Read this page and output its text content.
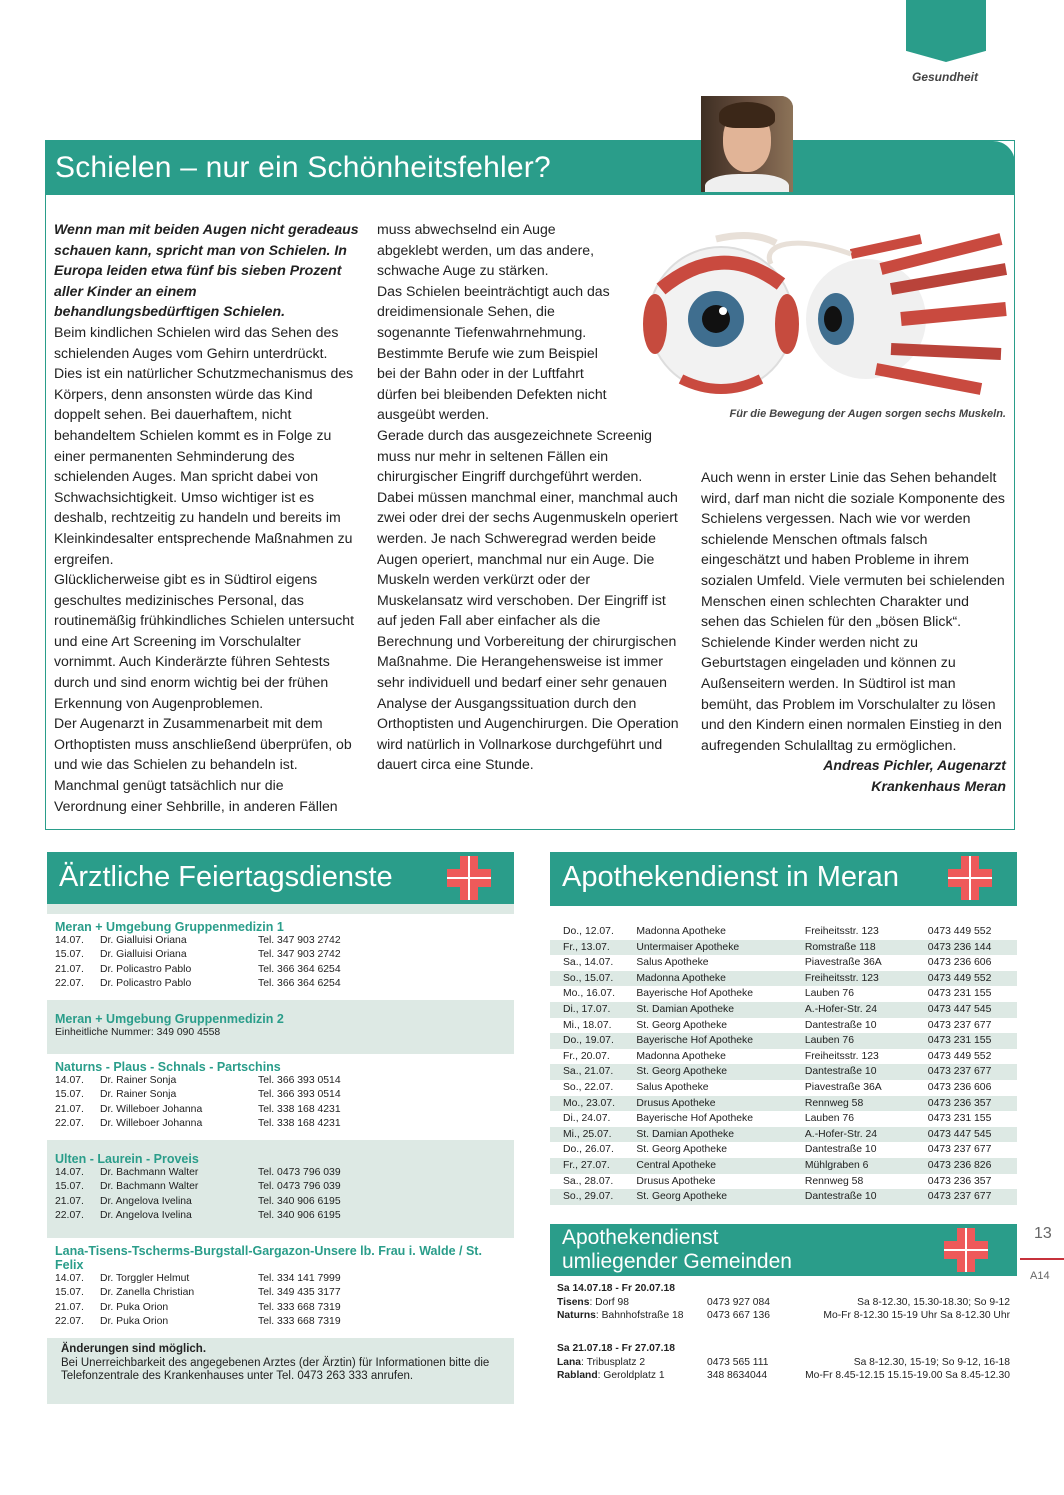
Gesundheit
Schielen – nur ein Schönheitsfehler?

Wenn man mit beiden Augen nicht geradeaus schauen kann, spricht man von Schielen. In Europa leiden etwa fünf bis sieben Prozent aller Kinder an einem behandlungsbedürftigen Schielen.

Beim kindlichen Schielen wird das Sehen des schielenden Auges vom Gehirn unterdrückt. Dies ist ein natürlicher Schutzmechanismus des Körpers, denn ansonsten würde das Kind doppelt sehen. Bei dauerhaftem, nicht behandeltem Schielen kommt es in Folge zu einer permanenten Sehminderung des schielenden Auges. Man spricht dabei von Schwachsichtigkeit. Umso wichtiger ist es deshalb, rechtzeitig zu handeln und bereits im Kleinkindesalter entsprechende Maßnahmen zu ergreifen.

Glücklicherweise gibt es in Südtirol eigens geschultes medizinisches Personal, das routinemäßig frühkindliches Schielen untersucht und eine Art Screening im Vorschulalter vornimmt. Auch Kinderärzte führen Sehtests durch und sind enorm wichtig bei der frühen Erkennung von Augenproblemen.

Der Augenarzt in Zusammenarbeit mit dem Orthoptisten muss anschließend überprüfen, ob und wie das Schielen zu behandeln ist. Manchmal genügt tatsächlich nur die Verordnung einer Sehbrille, in anderen Fällen

muss abwechselnd ein Auge abgeklebt werden, um das andere, schwache Auge zu stärken.

Das Schielen beeinträchtigt auch das dreidimensionale Sehen, die sogenannte Tiefenwahrnehmung. Bestimmte Berufe wie zum Beispiel bei der Bahn oder in der Luftfahrt dürfen bei bleibenden Defekten nicht ausgeübt werden.

Gerade durch das ausgezeichnete Screenig muss nur mehr in seltenen Fällen ein chirurgischer Eingriff durchgeführt werden. Dabei müssen manchmal einer, manchmal auch zwei oder drei der sechs Augenmuskeln operiert werden. Je nach Schweregrad werden beide Augen operiert, manchmal nur ein Auge. Die Muskeln werden verkürzt oder der Muskelansatz wird verschoben. Der Eingriff ist auf jeden Fall aber einfacher als die Berechnung und Vorbereitung der chirurgischen Maßnahme. Die Herangehensweise ist immer sehr individuell und bedarf einer sehr genauen Analyse der Ausgangssituation durch den Orthoptisten und Augenchirurgen. Die Operation wird natürlich in Vollnarkose durchgeführt und dauert circa eine Stunde.

Auch wenn in erster Linie das Sehen behandelt wird, darf man nicht die soziale Komponente des Schielens vergessen. Nach wie vor werden schielende Menschen oftmals falsch eingeschätzt und haben Probleme in ihrem sozialen Umfeld. Viele vermuten bei schielenden Menschen einen schlechten Charakter und sehen das Schielen für den „bösen Blick“. Schielende Kinder werden nicht zu Geburtstagen eingeladen und können zu Außenseitern werden. In Südtirol ist man bemüht, das Problem im Vorschulalter zu lösen und den Kindern einen normalen Einstieg in den aufregenden Schulalltag zu ermöglichen.

Andreas Pichler, Augenarzt

Krankenhaus Meran

Für die Bewegung der Augen sorgen sechs Muskeln.
Ärztliche Feiertagsdienste
Meran + Umgebung Gruppenmedizin 1
14.07.	Dr. Gialluisi Oriana	Tel. 347 903 2742
15.07.	Dr. Gialluisi Oriana	Tel. 347 903 2742
21.07.	Dr. Policastro Pablo	Tel. 366 364 6254
22.07.	Dr. Policastro Pablo	Tel. 366 364 6254
Meran + Umgebung Gruppenmedizin 2
Einheitliche Nummer: 349 090 4558
Naturns - Plaus - Schnals - Partschins
14.07.	Dr. Rainer Sonja	Tel. 366 393 0514
15.07.	Dr. Rainer Sonja	Tel. 366 393 0514
21.07.	Dr. Willeboer Johanna	Tel. 338 168 4231
22.07.	Dr. Willeboer Johanna	Tel. 338 168 4231
Ulten - Laurein - Proveis
14.07.	Dr. Bachmann Walter	Tel. 0473 796 039
15.07.	Dr. Bachmann Walter	Tel. 0473 796 039
21.07.	Dr. Angelova Ivelina	Tel. 340 906 6195
22.07.	Dr. Angelova Ivelina	Tel. 340 906 6195
Lana-Tisens-Tscherms-Burgstall-Gargazon-Unsere lb. Frau i. Walde / St. Felix
14.07.	Dr. Torggler Helmut	Tel. 334 141 7999
15.07.	Dr. Zanella Christian	Tel. 349 435 3177
21.07.	Dr. Puka Orion	Tel. 333 668 7319
22.07.	Dr. Puka Orion	Tel. 333 668 7319
Änderungen sind möglich.
Bei Unerreichbarkeit des angegebenen Arztes (der Ärztin) für Informationen bitte die Telefonzentrale des Krankenhauses unter Tel. 0473 263 333 anrufen.
Apothekendienst in Meran
Do., 12.07.	Madonna Apotheke	Freiheitsstr. 123	0473 449 552
Fr., 13.07.	Untermaiser Apotheke	Romstraße 118	0473 236 144
Sa., 14.07.	Salus Apotheke	Piavestraße 36A	0473 236 606
So., 15.07.	Madonna Apotheke	Freiheitsstr. 123	0473 449 552
Mo., 16.07.	Bayerische Hof Apotheke	Lauben 76	0473 231 155
Di., 17.07.	St. Damian Apotheke	A.-Hofer-Str. 24	0473 447 545
Mi., 18.07.	St. Georg Apotheke	Dantestraße 10	0473 237 677
Do., 19.07.	Bayerische Hof Apotheke	Lauben 76	0473 231 155
Fr., 20.07.	Madonna Apotheke	Freiheitsstr. 123	0473 449 552
Sa., 21.07.	St. Georg Apotheke	Dantestraße 10	0473 237 677
So., 22.07.	Salus Apotheke	Piavestraße 36A	0473 236 606
Mo., 23.07.	Drusus Apotheke	Rennweg 58	0473 236 357
Di., 24.07.	Bayerische Hof Apotheke	Lauben 76	0473 231 155
Mi., 25.07.	St. Damian Apotheke	A.-Hofer-Str. 24	0473 447 545
Do., 26.07.	St. Georg Apotheke	Dantestraße 10	0473 237 677
Fr., 27.07.	Central Apotheke	Mühlgraben 6	0473 236 826
Sa., 28.07.	Drusus Apotheke	Rennweg 58	0473 236 357
So., 29.07.	St. Georg Apotheke	Dantestraße 10	0473 237 677
Apothekendienst
umliegender Gemeinden
Sa 14.07.18 - Fr 20.07.18
Tisens: Dorf 98	0473 927 084	Sa 8-12.30, 15.30-18.30; So 9-12
Naturns: Bahnhofstraße 18	0473 667 136	Mo-Fr 8-12.30 15-19 Uhr Sa 8-12.30 Uhr
Sa 21.07.18 - Fr 27.07.18
Lana: Tribusplatz 2	0473 565 111	Sa 8-12.30, 15-19; So 9-12, 16-18
Rabland: Geroldplatz 1	348 8634044	Mo-Fr 8.45-12.15 15.15-19.00 Sa 8.45-12.30
13
A14
